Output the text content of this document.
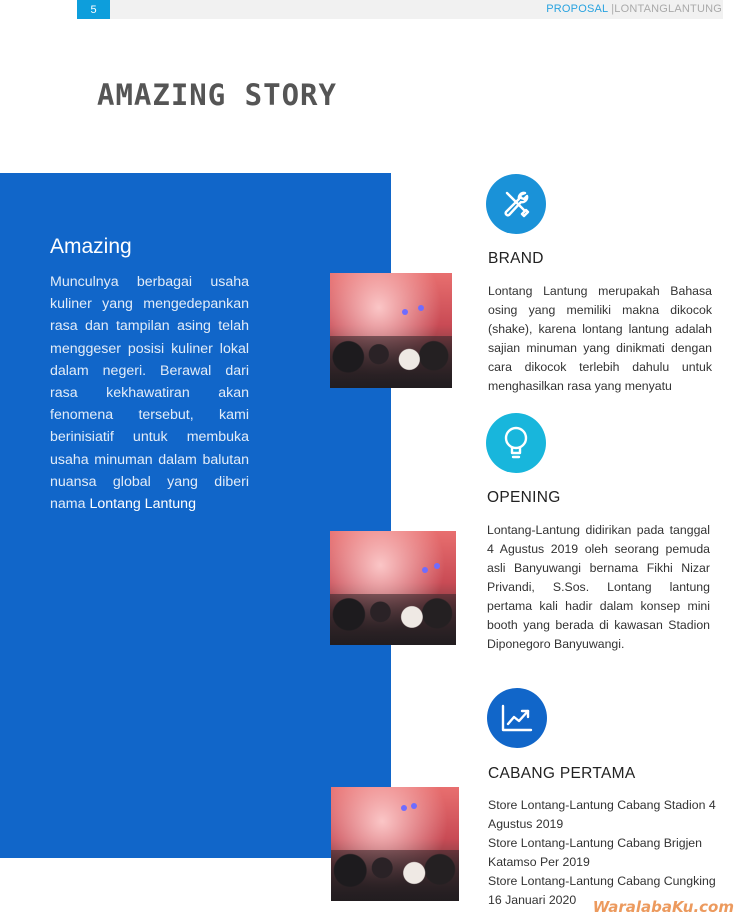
5	PROPOSAL |LONTANGLANTUNG
AMAZING STORY
Amazing

Munculnya berbagai usaha kuliner yang mengedepankan rasa dan tampilan asing telah menggeser posisi kuliner lokal dalam negeri. Berawal dari rasa kekhawatiran akan fenomena tersebut, kami berinisiatif untuk membuka usaha minuman dalam balutan nuansa global yang diberi nama Lontang Lantung

BRAND

Lontang Lantung merupakah Bahasa osing yang memiliki makna dikocok (shake), karena lontang lantung adalah sajian minuman yang dinikmati dengan cara dikocok terlebih dahulu untuk menghasilkan rasa yang menyatu

OPENING

Lontang-Lantung didirikan pada tanggal 4 Agustus 2019 oleh seorang pemuda asli Banyuwangi bernama Fikhi Nizar Privandi, S.Sos. Lontang lantung pertama kali hadir dalam konsep mini booth yang berada di kawasan Stadion Diponegoro Banyuwangi.

CABANG PERTAMA

Store Lontang-Lantung Cabang Stadion 4 Agustus 2019

Store Lontang-Lantung Cabang Brigjen Katamso Per 2019

Store Lontang-Lantung Cabang Cungking 16 Januari 2020	WaralabaKu.com
